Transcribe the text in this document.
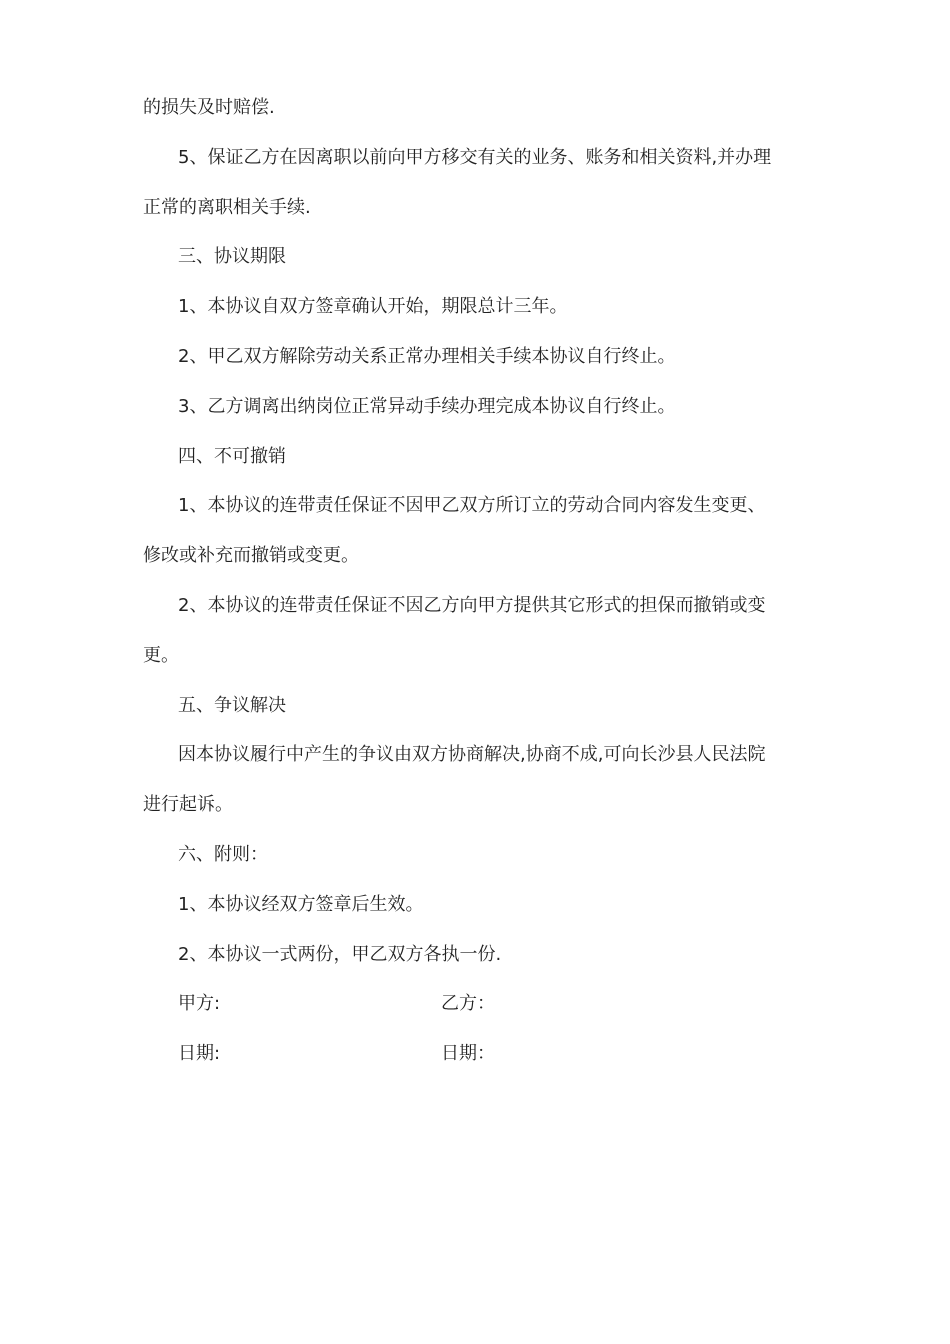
的损失及时赔偿.
5、保证乙方在因离职以前向甲方移交有关的业务、账务和相关资料,并办理
正常的离职相关手续.
三、协议期限
1、本协议自双方签章确认开始，期限总计三年。
2、甲乙双方解除劳动关系正常办理相关手续本协议自行终止。
3、乙方调离出纳岗位正常异动手续办理完成本协议自行终止。
四、不可撤销
1、本协议的连带责任保证不因甲乙双方所订立的劳动合同内容发生变更、
修改或补充而撤销或变更。
2、本协议的连带责任保证不因乙方向甲方提供其它形式的担保而撤销或变
更。
五、争议解决
因本协议履行中产生的争议由双方协商解决,协商不成,可向长沙县人民法院
进行起诉。
六、附则：
1、本协议经双方签章后生效。
2、本协议一式两份，甲乙双方各执一份.
甲方:	乙方：
日期:	日期：
